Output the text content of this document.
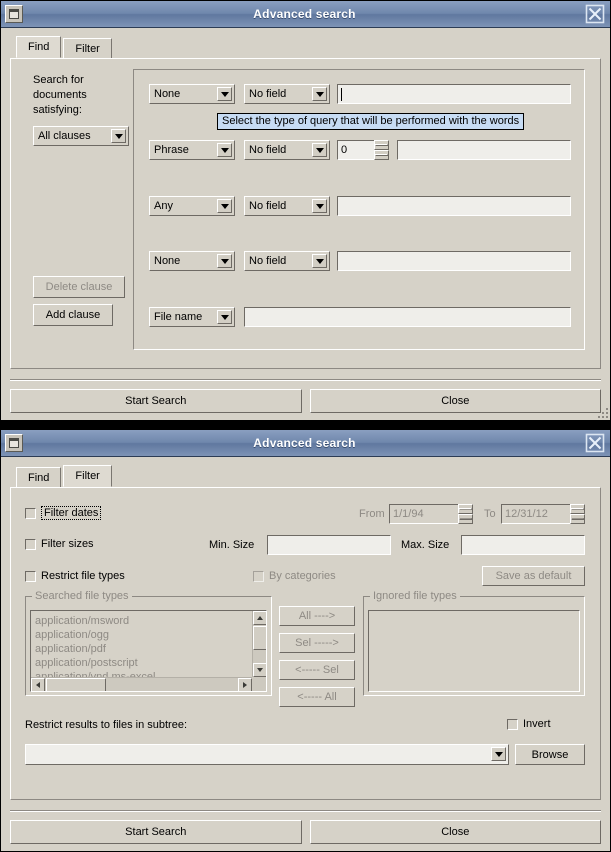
Advanced search
Find	Filter
Search for documents satisfying:
All clauses
Delete clause
Add clause
None	No field
Select the type of query that will be performed with the words
Phrase	No field	0
Any	No field
None	No field
File name
Start Search	Close
Advanced search
Find	Filter
Filter dates	From 1/1/94	To 12/31/12
Filter sizes	Min. Size	Max. Size
Restrict file types	By categories	Save as default
Searched file types
application/msword
application/ogg
application/pdf
application/postscript
All ---->
Sel ----->
<----- Sel
<----- All
Ignored file types
Restrict results to files in subtree:	Invert
Browse
Start Search	Close
